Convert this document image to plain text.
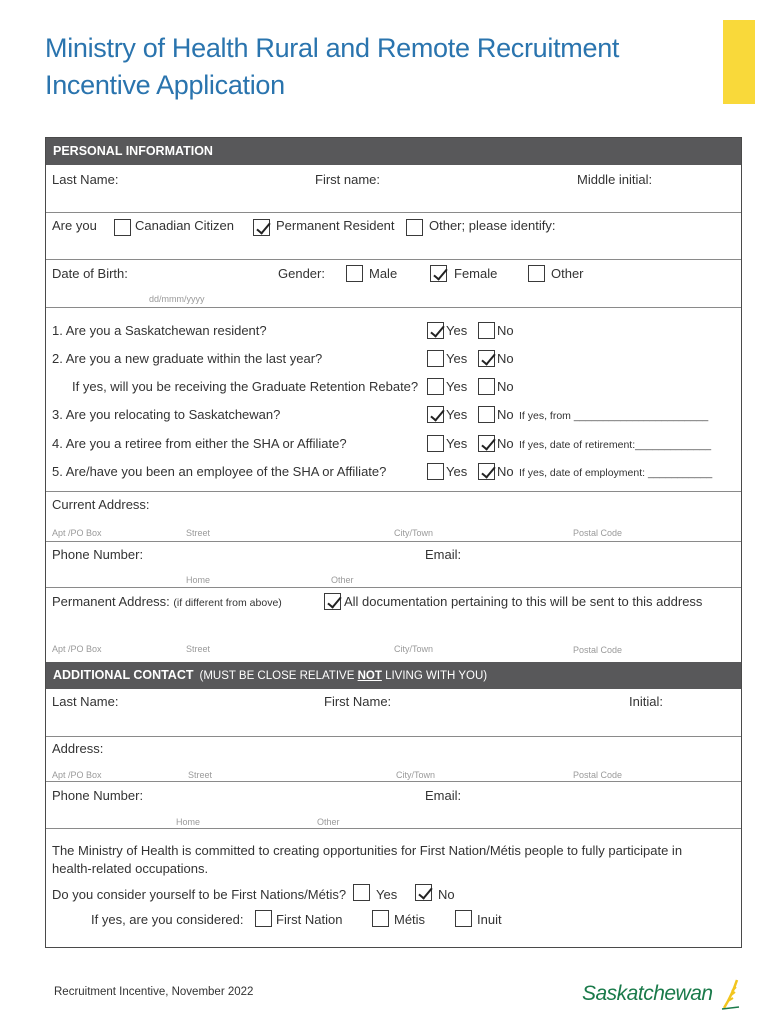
Ministry of Health Rural and Remote Recruitment
Incentive Application
PERSONAL INFORMATION
Last Name:	First name:	Middle initial:
Are you	Canadian Citizen	Permanent Resident	Other; please identify:
Date of Birth:
dd/mmm/yyyy
Gender:	Male	Female	Other
1. Are you a Saskatchewan resident?	Yes No
2. Are you a new graduate within the last year?	Yes No
If yes, will you be receiving the Graduate Retention Rebate? Yes No
3. Are you relocating to Saskatchewan?	Yes No If yes, from _______________________
4. Are you a retiree from either the SHA or Affiliate?	Yes No If yes, date of retirement:_____________
5. Are/have you been an employee of the SHA or Affiliate?	Yes No If yes, date of employment: ___________
Current Address:
Apt /PO Box	Street	City/Town	Postal Code
Phone Number:	Email:
Home	Other
Permanent Address: (if different from above)	All documentation pertaining to this will be sent to this address
Apt /PO Box	Street	City/Town	Postal Code
ADDITIONAL CONTACT (MUST BE CLOSE RELATIVE NOT LIVING WITH YOU)
Last Name:	First Name:	Initial:
Address:
Apt /PO Box	Street	City/Town	Postal Code
Phone Number:	Email:
Home	Other
The Ministry of Health is committed to creating opportunities for First Nation/Métis people to fully participate in
health-related occupations.
Do you consider yourself to be First Nations/Métis? Yes	No
If yes, are you considered:	First Nation	Métis	Inuit
Recruitment Incentive, November 2022	Saskatchewan
